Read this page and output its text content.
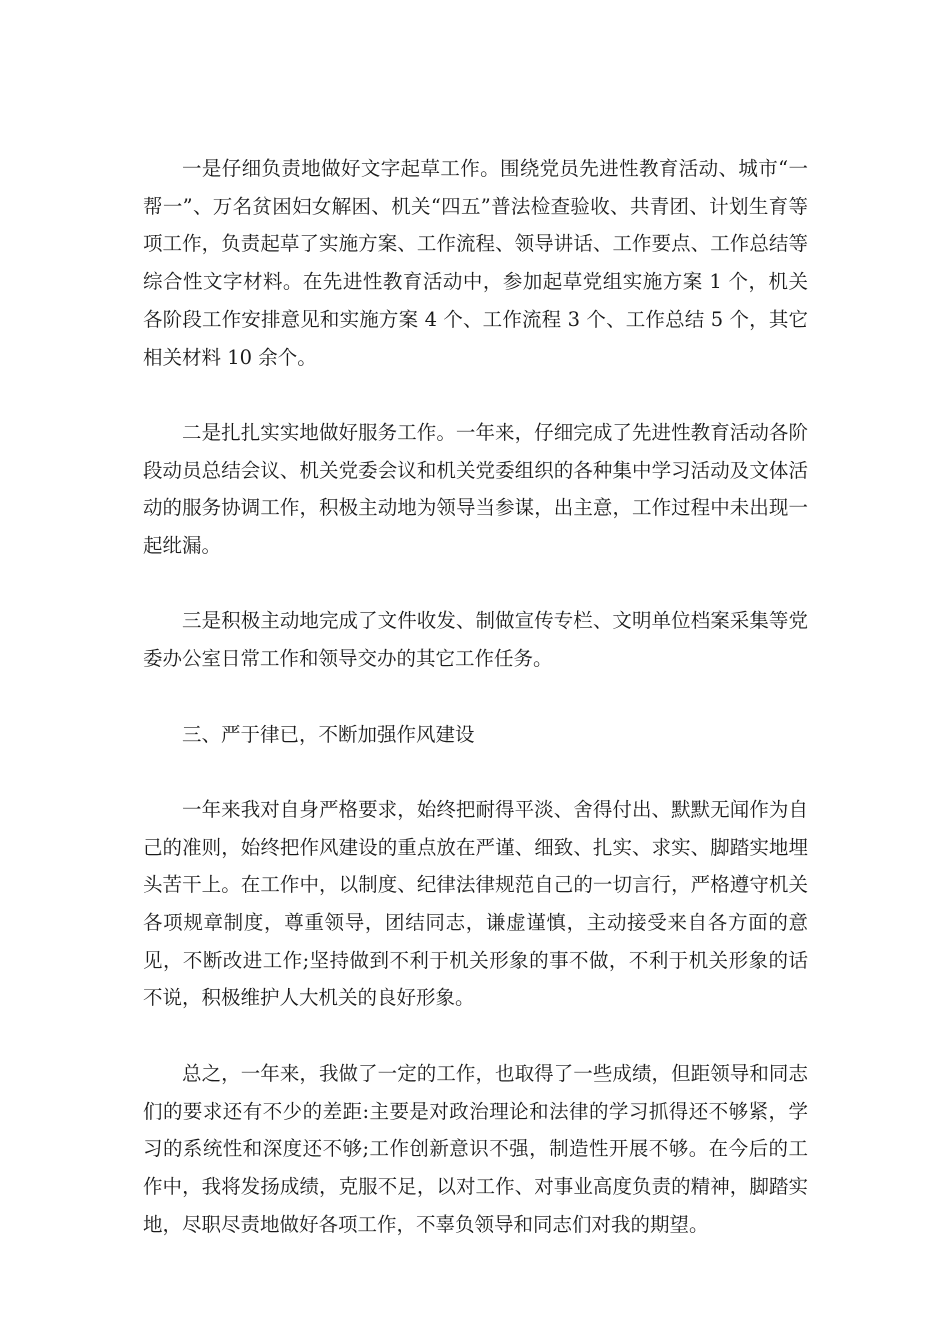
一是仔细负责地做好文字起草工作。围绕党员先进性教育活动、城市“一帮一”、万名贫困妇女解困、机关“四五”普法检查验收、共青团、计划生育等项工作，负责起草了实施方案、工作流程、领导讲话、工作要点、工作总结等综合性文字材料。在先进性教育活动中，参加起草党组实施方案 1 个，机关各阶段工作安排意见和实施方案 4 个、工作流程 3 个、工作总结 5 个，其它相关材料 10 余个。

二是扎扎实实地做好服务工作。一年来，仔细完成了先进性教育活动各阶段动员总结会议、机关党委会议和机关党委组织的各种集中学习活动及文体活动的服务协调工作，积极主动地为领导当参谋，出主意，工作过程中未出现一起纰漏。

三是积极主动地完成了文件收发、制做宣传专栏、文明单位档案采集等党委办公室日常工作和领导交办的其它工作任务。

三、严于律已，不断加强作风建设

一年来我对自身严格要求，始终把耐得平淡、舍得付出、默默无闻作为自己的准则，始终把作风建设的重点放在严谨、细致、扎实、求实、脚踏实地埋头苦干上。在工作中，以制度、纪律法律规范自己的一切言行，严格遵守机关各项规章制度，尊重领导，团结同志，谦虚谨慎，主动接受来自各方面的意见，不断改进工作;坚持做到不利于机关形象的事不做，不利于机关形象的话不说，积极维护人大机关的良好形象。

总之，一年来，我做了一定的工作，也取得了一些成绩，但距领导和同志们的要求还有不少的差距:主要是对政治理论和法律的学习抓得还不够紧，学习的系统性和深度还不够;工作创新意识不强，制造性开展不够。在今后的工作中，我将发扬成绩，克服不足，以对工作、对事业高度负责的精神，脚踏实地，尽职尽责地做好各项工作，不辜负领导和同志们对我的期望。
